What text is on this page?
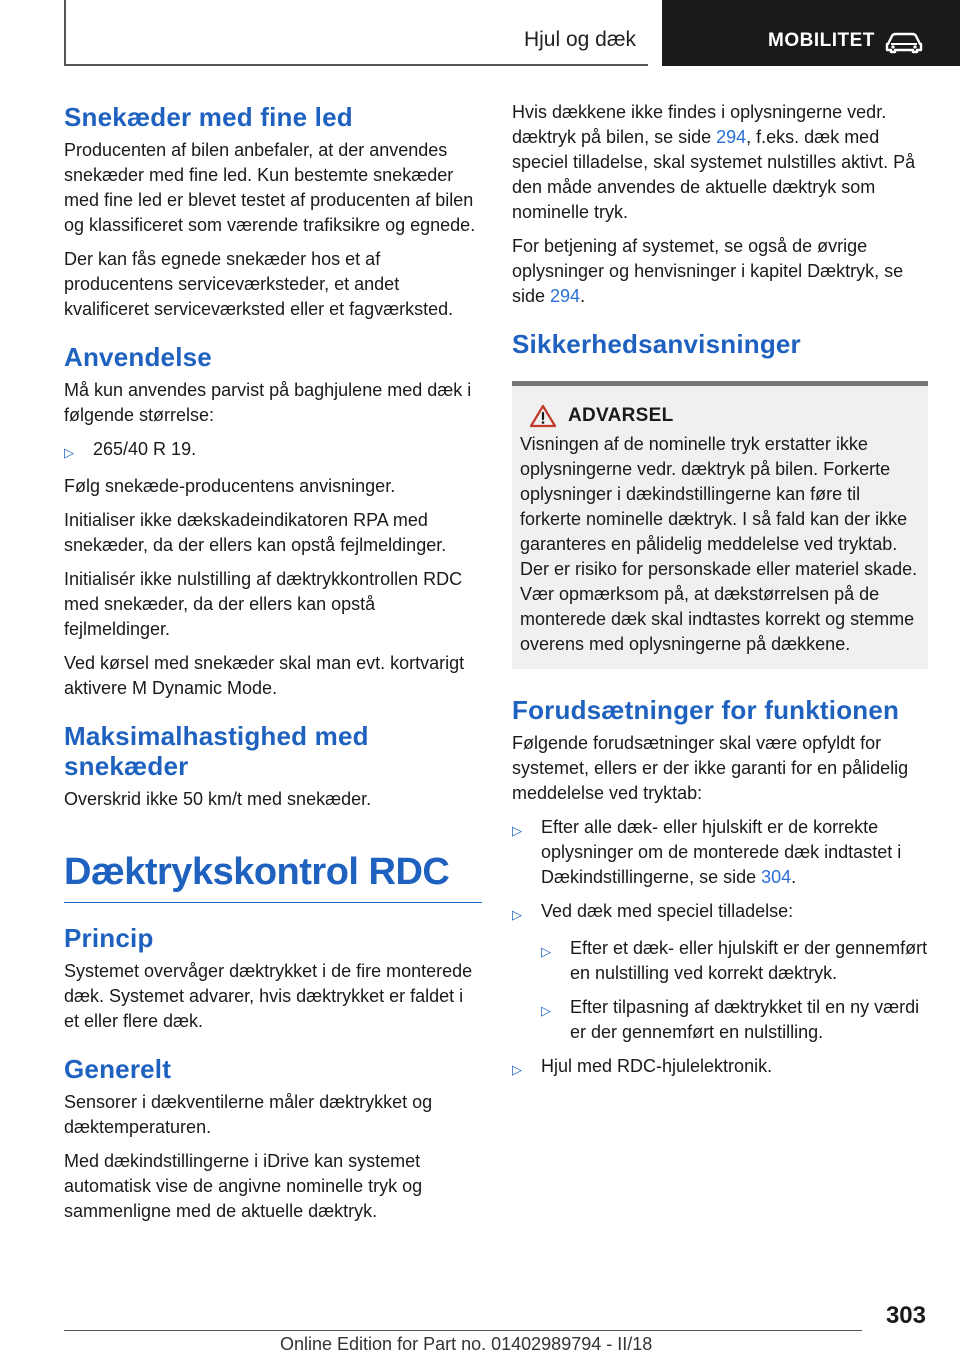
Hjul og dæk	MOBILITET
Snekæder med fine led

Producenten af bilen anbefaler, at der anvendes snekæder med fine led. Kun bestemte snekæder med fine led er blevet testet af producenten af bilen og klassificeret som værende trafiksikre og egnede.

Der kan fås egnede snekæder hos et af producentens serviceværksteder, et andet kvalificeret serviceværksted eller et fagværksted.

Anvendelse

Må kun anvendes parvist på baghjulene med dæk i følgende størrelse:

▷	265/40 R 19.

Følg snekæde-producentens anvisninger.

Initialiser ikke dækskadeindikatoren RPA med snekæder, da der ellers kan opstå fejlmeldinger.

Initialisér ikke nulstilling af dæktrykkontrollen RDC med snekæder, da der ellers kan opstå fejlmeldinger.

Ved kørsel med snekæder skal man evt. kortvarigt aktivere M Dynamic Mode.

Maksimalhastighed med snekæder

Overskrid ikke 50 km/t med snekæder.

Dæktrykskontrol RDC
Princip

Systemet overvåger dæktrykket i de fire monterede dæk. Systemet advarer, hvis dæktrykket er faldet i et eller flere dæk.

Generelt

Sensorer i dækventilerne måler dæktrykket og dæktemperaturen.

Med dækindstillingerne i iDrive kan systemet automatisk vise de angivne nominelle tryk og sammenligne med de aktuelle dæktryk.

Hvis dækkene ikke findes i oplysningerne vedr. dæktryk på bilen, se side 294, f.eks. dæk med speciel tilladelse, skal systemet nulstilles aktivt. På den måde anvendes de aktuelle dæktryk som nominelle tryk.

For betjening af systemet, se også de øvrige oplysninger og henvisninger i kapitel Dæktryk, se side 294.

Sikkerhedsanvisninger
ADVARSEL

Visningen af de nominelle tryk erstatter ikke oplysningerne vedr. dæktryk på bilen. Forkerte oplysninger i dækindstillingerne kan føre til forkerte nominelle dæktryk. I så fald kan der ikke garanteres en pålidelig meddelelse ved tryktab. Der er risiko for personskade eller materiel skade. Vær opmærksom på, at dækstørrelsen på de monterede dæk skal indtastes korrekt og stemme overens med oplysningerne på dækkene.

Forudsætninger for funktionen

Følgende forudsætninger skal være opfyldt for systemet, ellers er der ikke garanti for en pålidelig meddelelse ved tryktab:

▷	Efter alle dæk- eller hjulskift er de korrekte oplysninger om de monterede dæk indtastet i Dækindstillingerne, se side 304.
▷	Ved dæk med speciel tilladelse:
▷	Efter et dæk- eller hjulskift er der gennemført en nulstilling ved korrekt dæktryk.
▷	Efter tilpasning af dæktrykket til en ny værdi er der gennemført en nulstilling.
▷	Hjul med RDC-hjulelektronik.
303
Online Edition for Part no. 01402989794 - II/18
